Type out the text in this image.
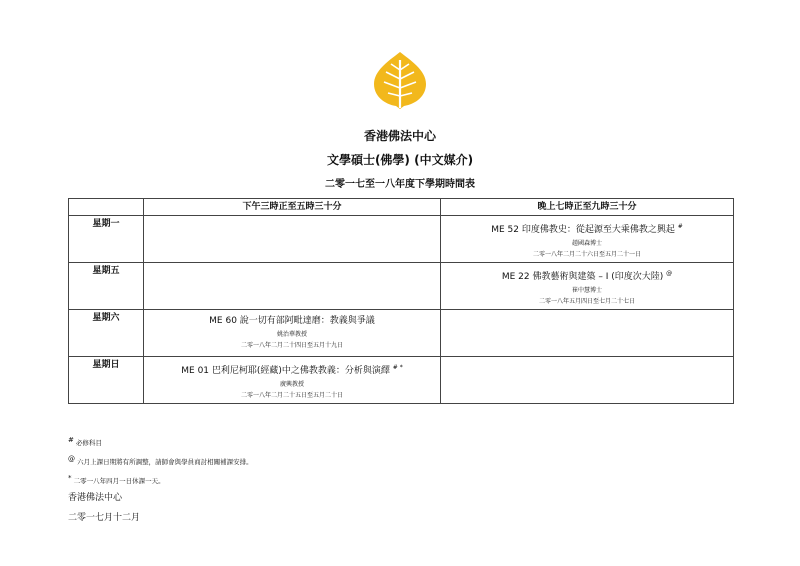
香港佛法中心
文學碩士(佛學) (中文媒介)
二零一七至一八年度下學期時間表
	下午三時正至五時三十分	晚上七時正至九時三十分
星期一		ME 52 印度佛教史：從起源至大乘佛教之興起 #
趙國森博士
二零一八年二月二十六日至五月二十一日

星期五		ME 22 佛教藝術與建築 – I (印度次大陸) @
崔中慧博士
二零一八年五月四日至七月二十七日

星期六	ME 60 說一切有部阿毗達磨：教義與爭議
姚治華教授
二零一八年二月二十四日至五月十九日	

星期日	ME 01 巴利尼柯耶(經藏)中之佛教教義：分析與演繹 # *
廣興教授
二零一八年二月二十五日至五月二十日	

# 必修科目
@ 六月上課日期將有所調整，請師會與學員商討相關補課安排。
* 二零一八年四月一日休課一天。
香港佛法中心
二零一七月十二月
